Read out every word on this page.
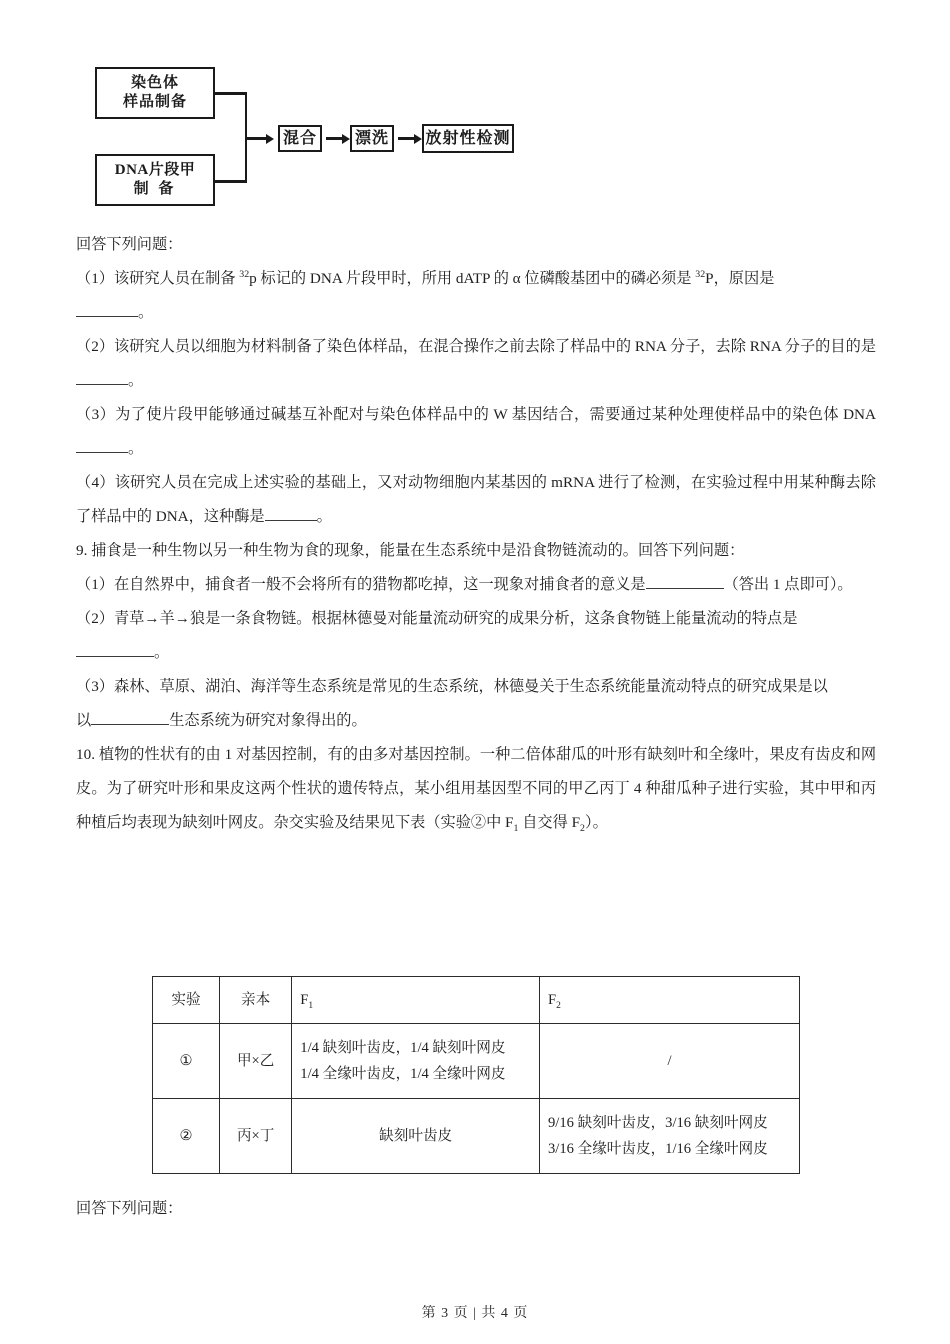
染色体
样品制备
DNA片段甲
制 备
混合 漂洗 放射性检测

回答下列问题：

（1）该研究人员在制备 $^{32}$p 标记的 DNA 片段甲时，所用 dATP 的 α 位磷酸基团中的磷必须是 $^{32}$P，原因是

。

（2）该研究人员以细胞为材料制备了染色体样品，在混合操作之前去除了样品中的 RNA 分子，去除 RNA 分子的目的是。

（3）为了使片段甲能够通过碱基互补配对与染色体样品中的 W 基因结合，需要通过某种处理使样品中的染色体 DNA。

（4）该研究人员在完成上述实验的基础上，又对动物细胞内某基因的 mRNA 进行了检测，在实验过程中用某种酶去除了样品中的 DNA，这种酶是	。

9. 捕食是一种生物以另一种生物为食的现象，能量在生态系统中是沿食物链流动的。回答下列问题：

（1）在自然界中，捕食者一般不会将所有的猎物都吃掉，这一现象对捕食者的意义是	（答出 1 点即可）。

（2）青草→羊→狼是一条食物链。根据林德曼对能量流动研究的成果分析，这条食物链上能量流动的特点是

。

（3）森林、草原、湖泊、海洋等生态系统是常见的生态系统，林德曼关于生态系统能量流动特点的研究成果是以

以	生态系统为研究对象得出的。

10. 植物的性状有的由 1 对基因控制，有的由多对基因控制。一种二倍体甜瓜的叶形有缺刻叶和全缘叶，果皮有齿皮和网皮。为了研究叶形和果皮这两个性状的遗传特点，某小组用基因型不同的甲乙丙丁 4 种甜瓜种子进行实验，其中甲和丙种植后均表现为缺刻叶网皮。杂交实验及结果见下表（实验②中 $F_1$ 自交得 $F_2$）。

实验	亲本	$F_1$	$F_2$
①	甲×乙	1/4 缺刻叶齿皮，1/4 缺刻叶网皮
1/4 全缘叶齿皮，1/4 全缘叶网皮	/

②	丙×丁	缺刻叶齿皮	9/16 缺刻叶齿皮，3/16 缺刻叶网皮
3/16 全缘叶齿皮，1/16 全缘叶网皮
回答下列问题：
第 3 页 | 共 4 页
